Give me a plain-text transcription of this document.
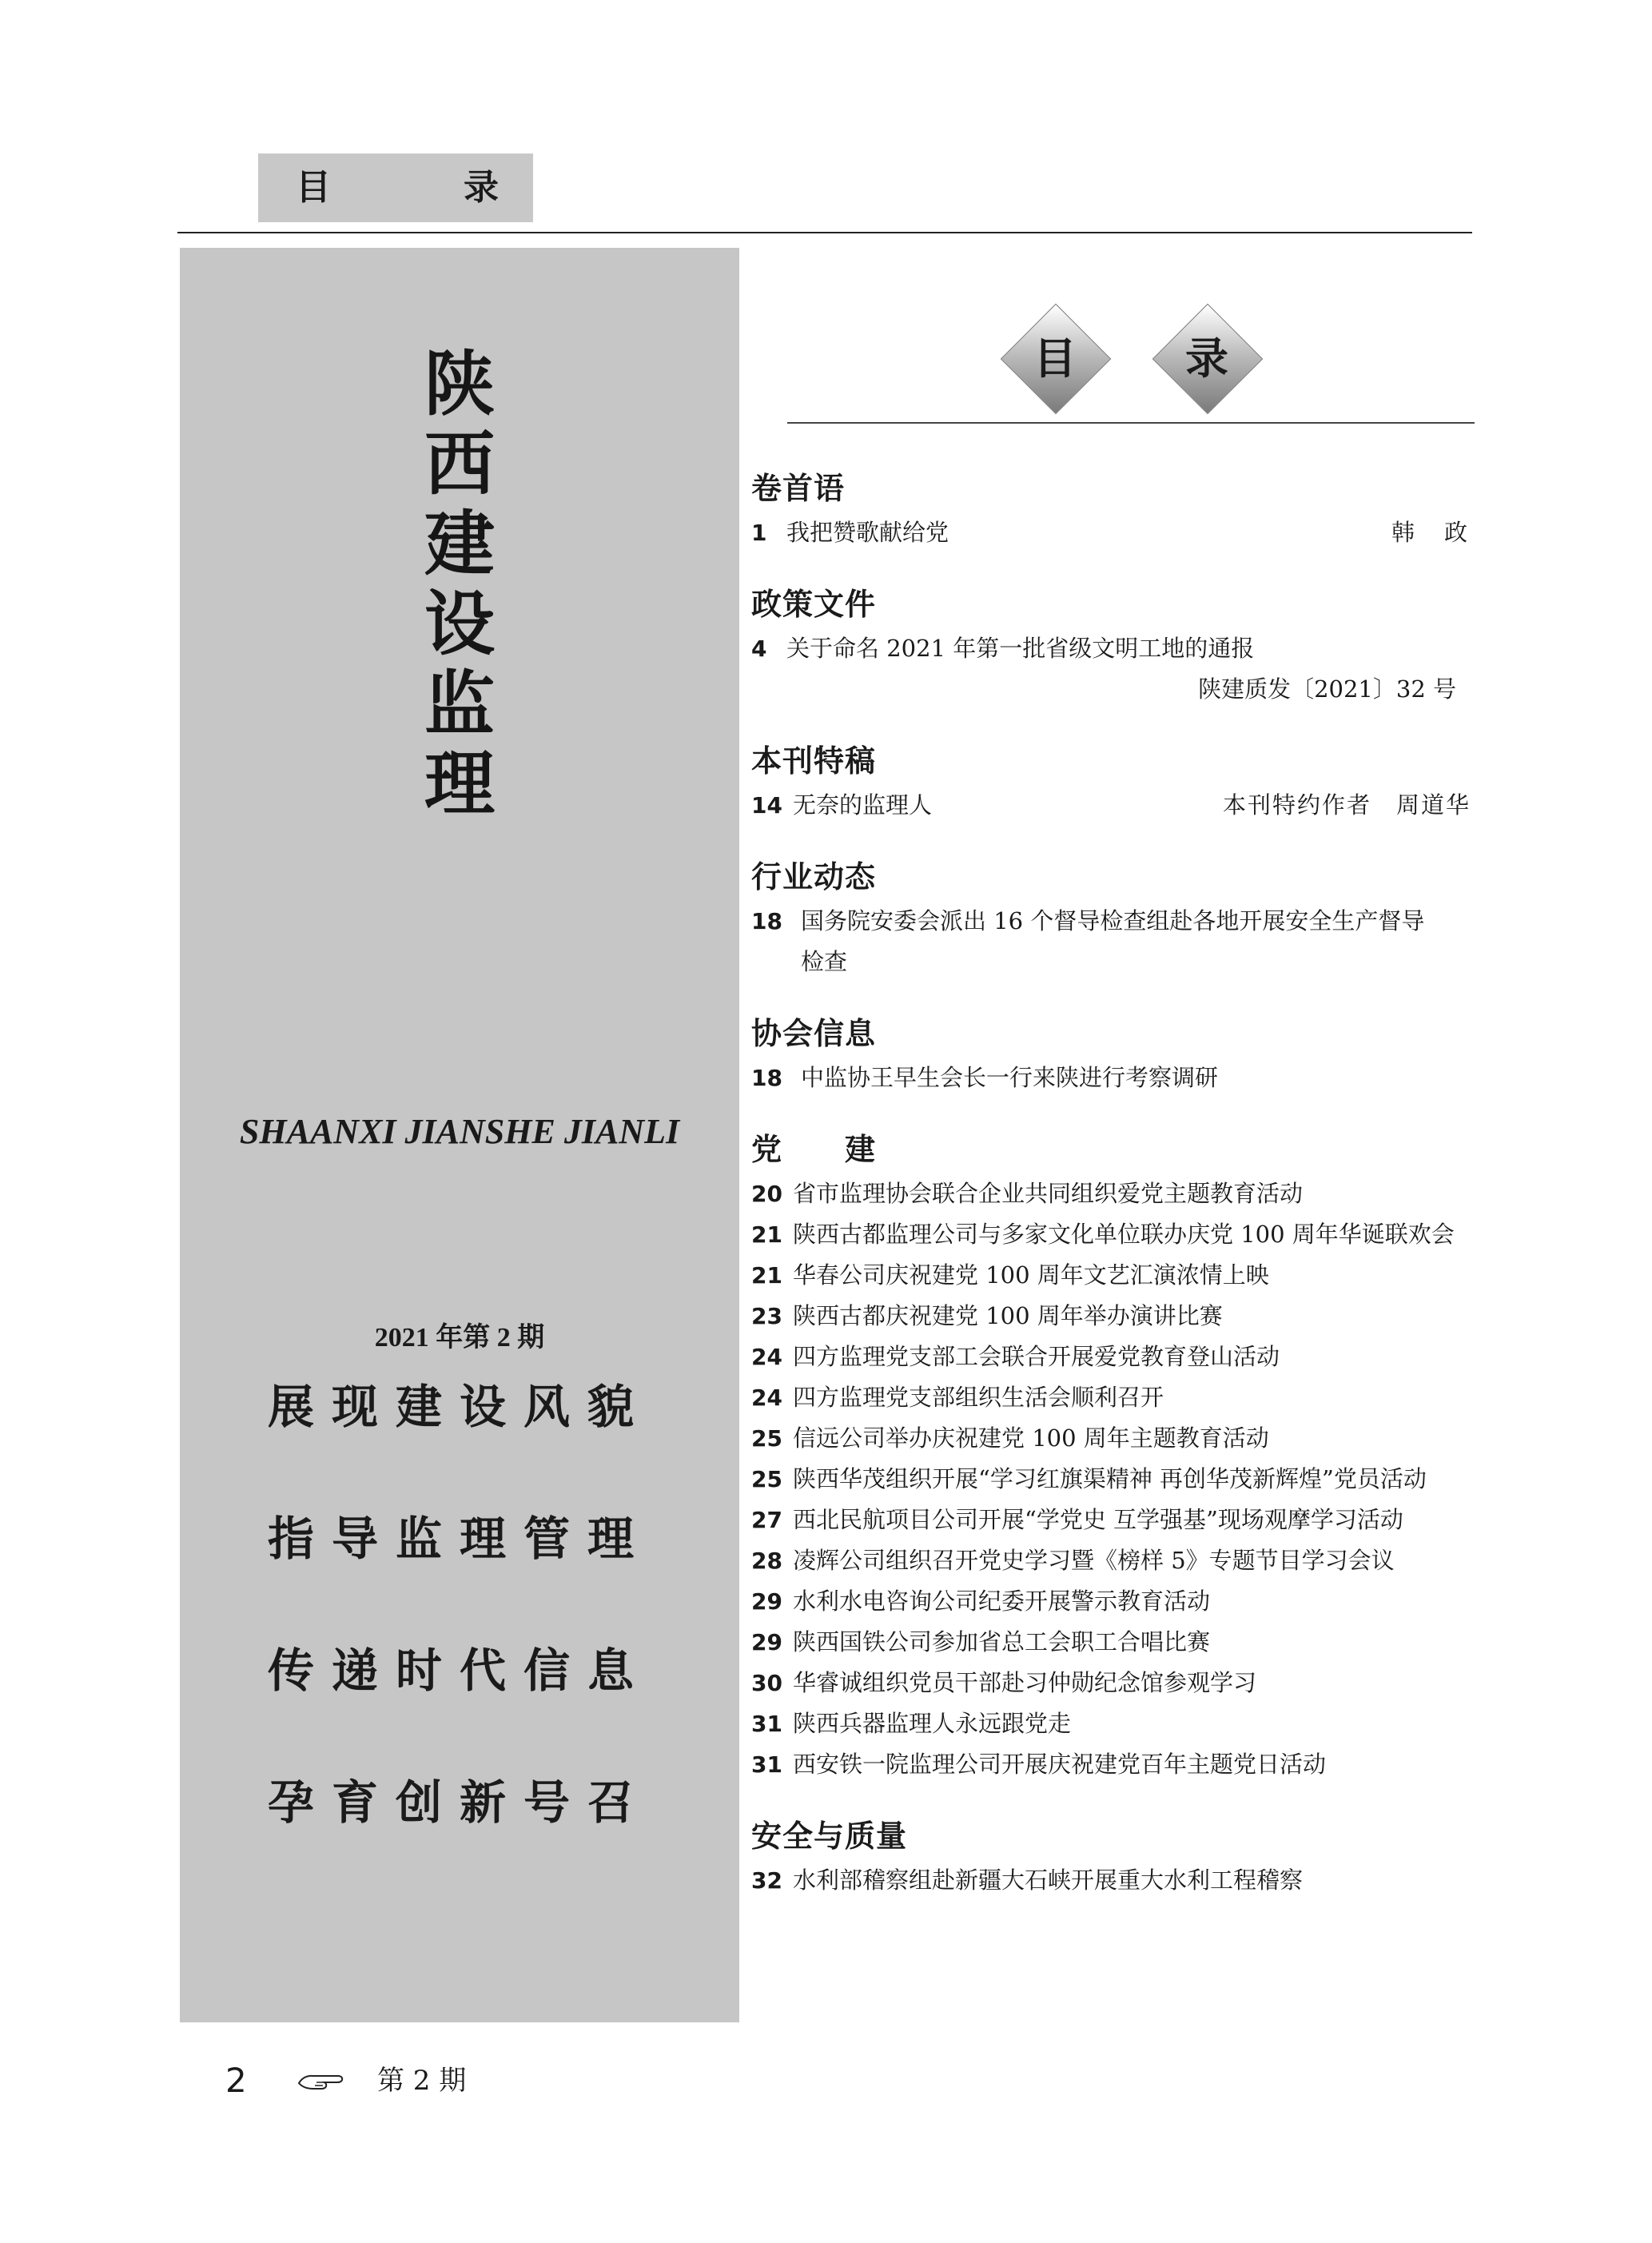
目	录
陕
西
建
设
监
理
SHAANXI JIANSHE JIANLI
2021 年第 2 期
展现建设风貌
指导监理管理
传递时代信息
孕育创新号召
目	录
卷首语
1 我把赞歌献给党	韩　政
政策文件
4 关于命名 2021 年第一批省级文明工地的通报
陕建质发〔2021〕32 号
本刊特稿
14 无奈的监理人	本刊特约作者　周道华
行业动态
18 国务院安委会派出 16 个督导检查组赴各地开展安全生产督导
检查
协会信息
18 中监协王早生会长一行来陕进行考察调研
党　　建
20 省市监理协会联合企业共同组织爱党主题教育活动
21 陕西古都监理公司与多家文化单位联办庆党 100 周年华诞联欢会
21 华春公司庆祝建党 100 周年文艺汇演浓情上映
23 陕西古都庆祝建党 100 周年举办演讲比赛
24 四方监理党支部工会联合开展爱党教育登山活动
24 四方监理党支部组织生活会顺利召开
25 信远公司举办庆祝建党 100 周年主题教育活动
25 陕西华茂组织开展“学习红旗渠精神 再创华茂新辉煌”党员活动
27 西北民航项目公司开展“学党史 互学强基”现场观摩学习活动
28 凌辉公司组织召开党史学习暨《榜样 5》专题节目学习会议
29 水利水电咨询公司纪委开展警示教育活动
29 陕西国铁公司参加省总工会职工合唱比赛
30 华睿诚组织党员干部赴习仲勋纪念馆参观学习
31 陕西兵器监理人永远跟党走
31 西安铁一院监理公司开展庆祝建党百年主题党日活动
安全与质量
32 水利部稽察组赴新疆大石峡开展重大水利工程稽察
2	第 2 期
